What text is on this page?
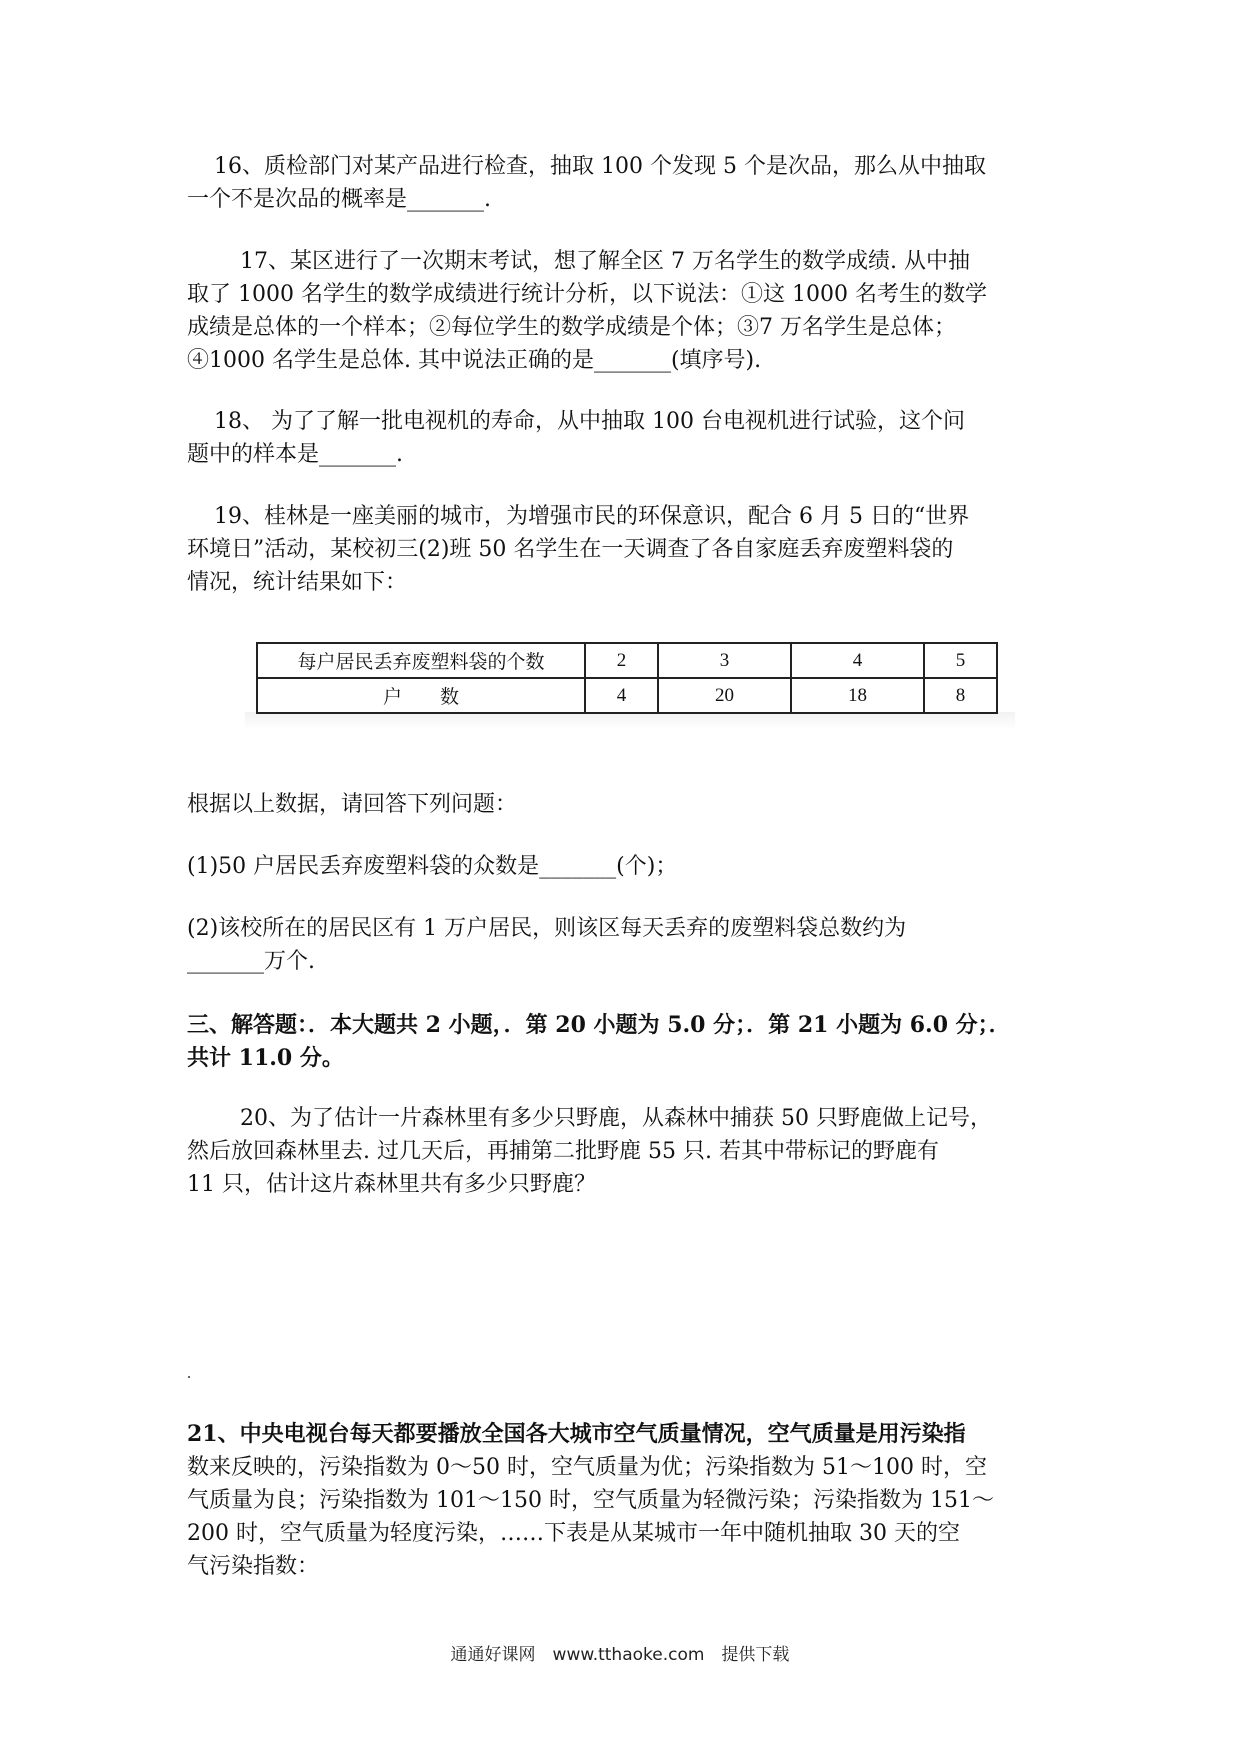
16、质检部门对某产品进行检查，抽取 100 个发现 5 个是次品，那么从中抽取
一个不是次品的概率是_______.

17、某区进行了一次期末考试，想了解全区 7 万名学生的数学成绩. 从中抽
取了 1000 名学生的数学成绩进行统计分析，以下说法：①这 1000 名考生的数学
成绩是总体的一个样本；②每位学生的数学成绩是个体；③7 万名学生是总体；
④1000 名学生是总体. 其中说法正确的是_______(填序号).

18、 为了了解一批电视机的寿命，从中抽取 100 台电视机进行试验，这个问
题中的样本是_______.

19、桂林是一座美丽的城市，为增强市民的环保意识，配合 6 月 5 日的“世界
环境日”活动，某校初三(2)班 50 名学生在一天调查了各自家庭丢弃废塑料袋的
情况，统计结果如下：

每户居民丢弃废塑料袋的个数	2	3	4	5
户　　数	4	20	18	8

根据以上数据，请回答下列问题：

(1)50 户居民丢弃废塑料袋的众数是_______(个)；

(2)该校所在的居民区有 1 万户居民，则该区每天丢弃的废塑料袋总数约为
_______万个.

三、解答题：．本大题共 2 小题，．第 20 小题为 5.0 分；．第 21 小题为 6.0 分；．
共计 11.0 分。

20、为了估计一片森林里有多少只野鹿，从森林中捕获 50 只野鹿做上记号，
然后放回森林里去. 过几天后，再捕第二批野鹿 55 只. 若其中带标记的野鹿有
11 只，估计这片森林里共有多少只野鹿？

21、中央电视台每天都要播放全国各大城市空气质量情况，空气质量是用污染指
数来反映的，污染指数为 0～50 时，空气质量为优；污染指数为 51～100 时，空
气质量为良；污染指数为 101～150 时，空气质量为轻微污染；污染指数为 151～
200 时，空气质量为轻度污染，……下表是从某城市一年中随机抽取 30 天的空
气污染指数：

通通好课网　www.tthaoke.com　提供下载
